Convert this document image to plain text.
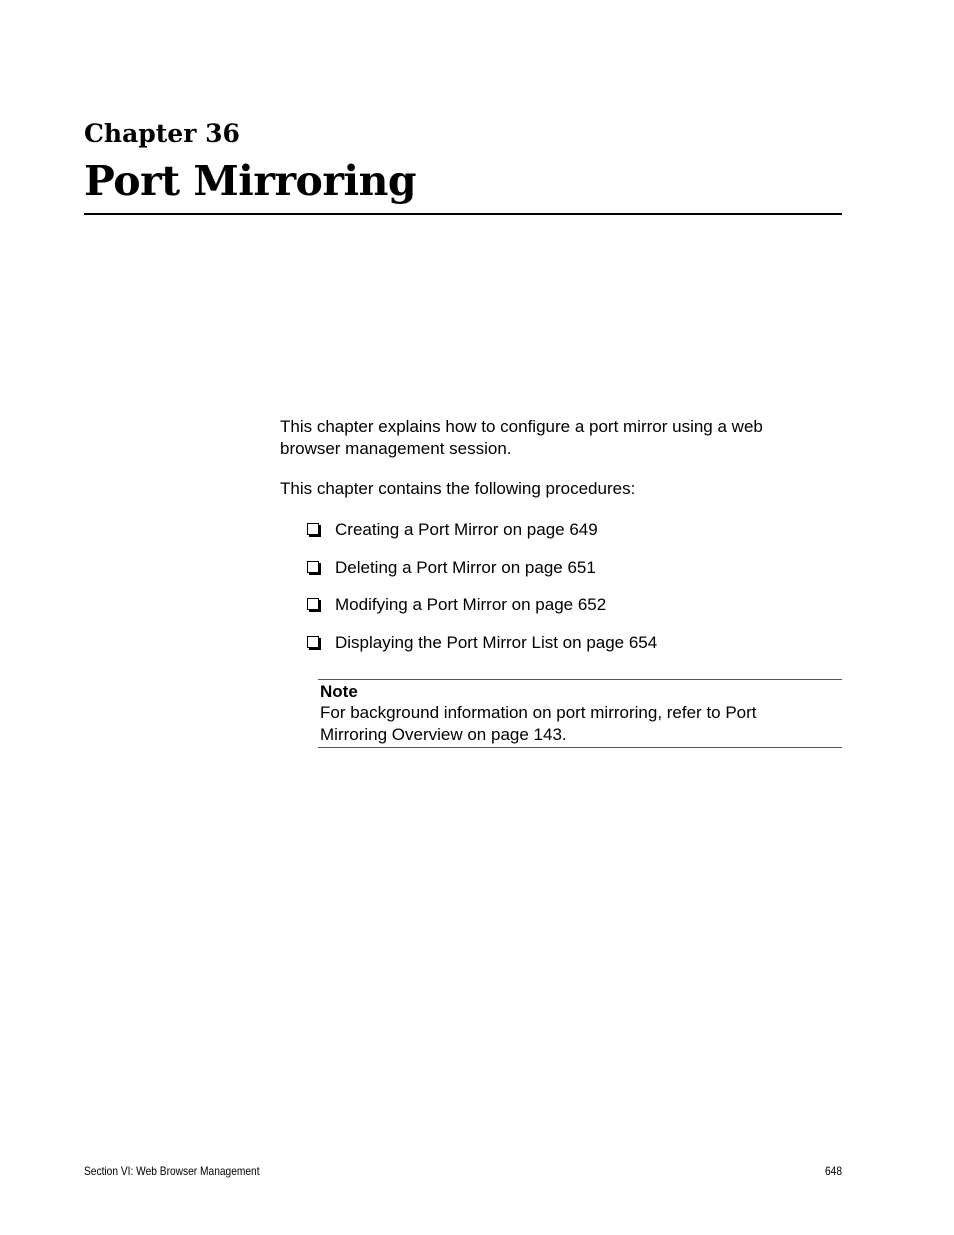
Chapter 36
Port Mirroring

This chapter explains how to configure a port mirror using a web browser management session.

This chapter contains the following procedures:

Creating a Port Mirror on page 649
Deleting a Port Mirror on page 651
Modifying a Port Mirror on page 652
Displaying the Port Mirror List on page 654

Note

For background information on port mirroring, refer to Port Mirroring Overview on page 143.

Section VI: Web Browser Management	648
